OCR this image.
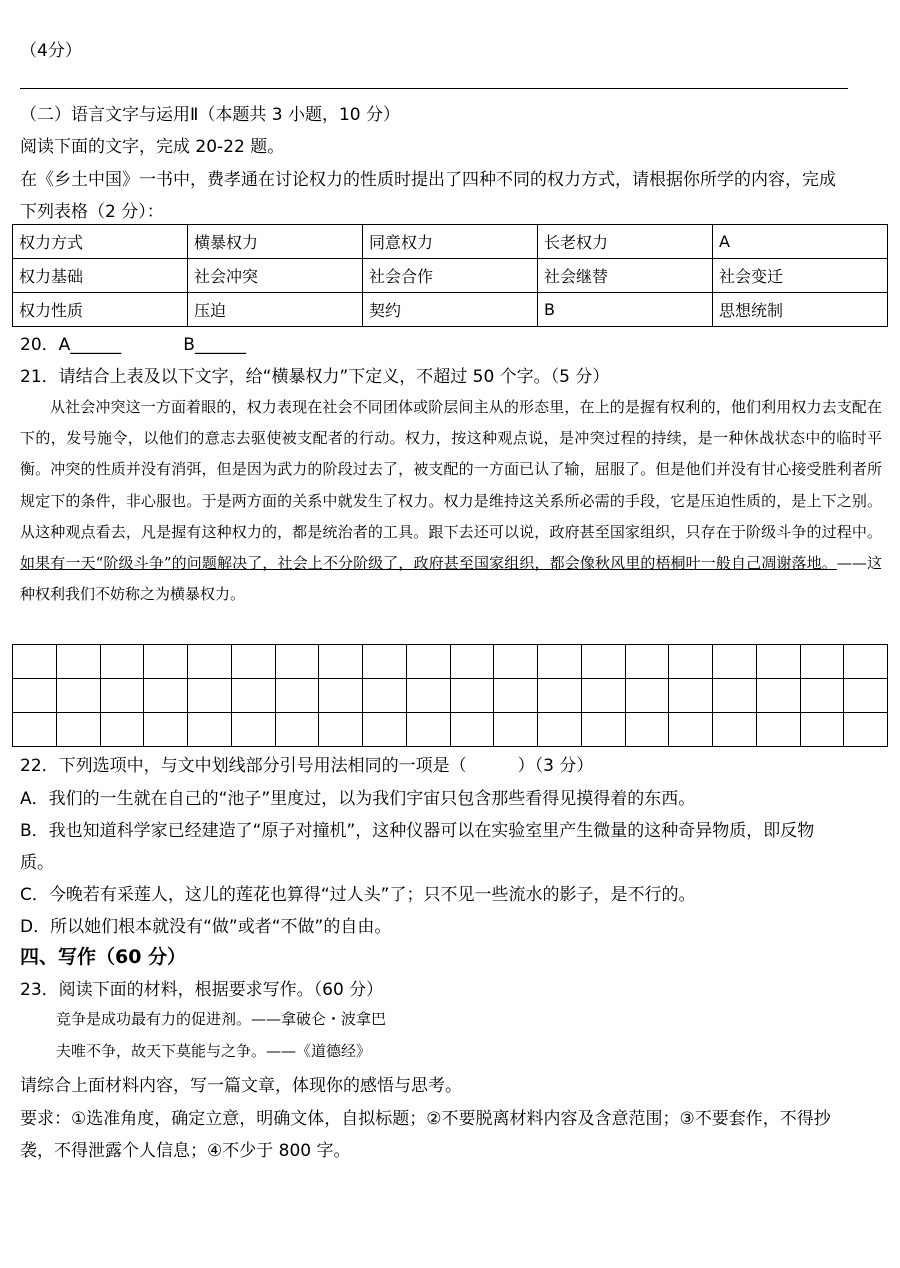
（4分）
（二）语言文字与运用Ⅱ（本题共 3 小题，10 分）
阅读下面的文字，完成 20-22 题。
在《乡土中国》一书中，费孝通在讨论权力的性质时提出了四种不同的权力方式，请根据你所学的内容，完成
下列表格（2 分）：
权力方式	横暴权力	同意权力	长老权力	A
权力基础	社会冲突	社会合作	社会继替	社会变迁
权力性质	压迫	契约	B	思想统制
20．A______	B______
21．请结合上表及以下文字，给“横暴权力”下定义，不超过 50 个字。（5 分）
从社会冲突这一方面着眼的，权力表现在社会不同团体或阶层间主从的形态里，在上的是握有权利的，他们利用权力去支配在下的，发号施令，以他们的意志去驱使被支配者的行动。权力，按这种观点说，是冲突过程的持续，是一种休战状态中的临时平衡。冲突的性质并没有消弭，但是因为武力的阶段过去了，被支配的一方面已认了输，屈服了。但是他们并没有甘心接受胜利者所规定下的条件，非心服也。于是两方面的关系中就发生了权力。权力是维持这关系所必需的手段，它是压迫性质的，是上下之别。从这种观点看去，凡是握有这种权力的，都是统治者的工具。跟下去还可以说，政府甚至国家组织，只存在于阶级斗争的过程中。如果有一天“阶级斗争”的问题解决了，社会上不分阶级了，政府甚至国家组织，都会像秋风里的梧桐叶一般自己凋谢落地。——这种权利我们不妨称之为横暴权力。

22．下列选项中，与文中划线部分引号用法相同的一项是（　　　）（3 分）
A．我们的一生就在自己的“池子”里度过，以为我们宇宙只包含那些看得见摸得着的东西。
B．我也知道科学家已经建造了“原子对撞机”，这种仪器可以在实验室里产生微量的这种奇异物质，即反物
质。
C．今晚若有采莲人，这儿的莲花也算得“过人头”了；只不见一些流水的影子，是不行的。
D．所以她们根本就没有“做”或者“不做”的自由。
四、写作（60 分）
23．阅读下面的材料，根据要求写作。（60 分）
竞争是成功最有力的促进剂。——拿破仑・波拿巴
夫唯不争，故天下莫能与之争。——《道德经》
请综合上面材料内容，写一篇文章，体现你的感悟与思考。
要求：①选准角度，确定立意，明确文体，自拟标题；②不要脱离材料内容及含意范围；③不要套作，不得抄
袭，不得泄露个人信息；④不少于 800 字。
